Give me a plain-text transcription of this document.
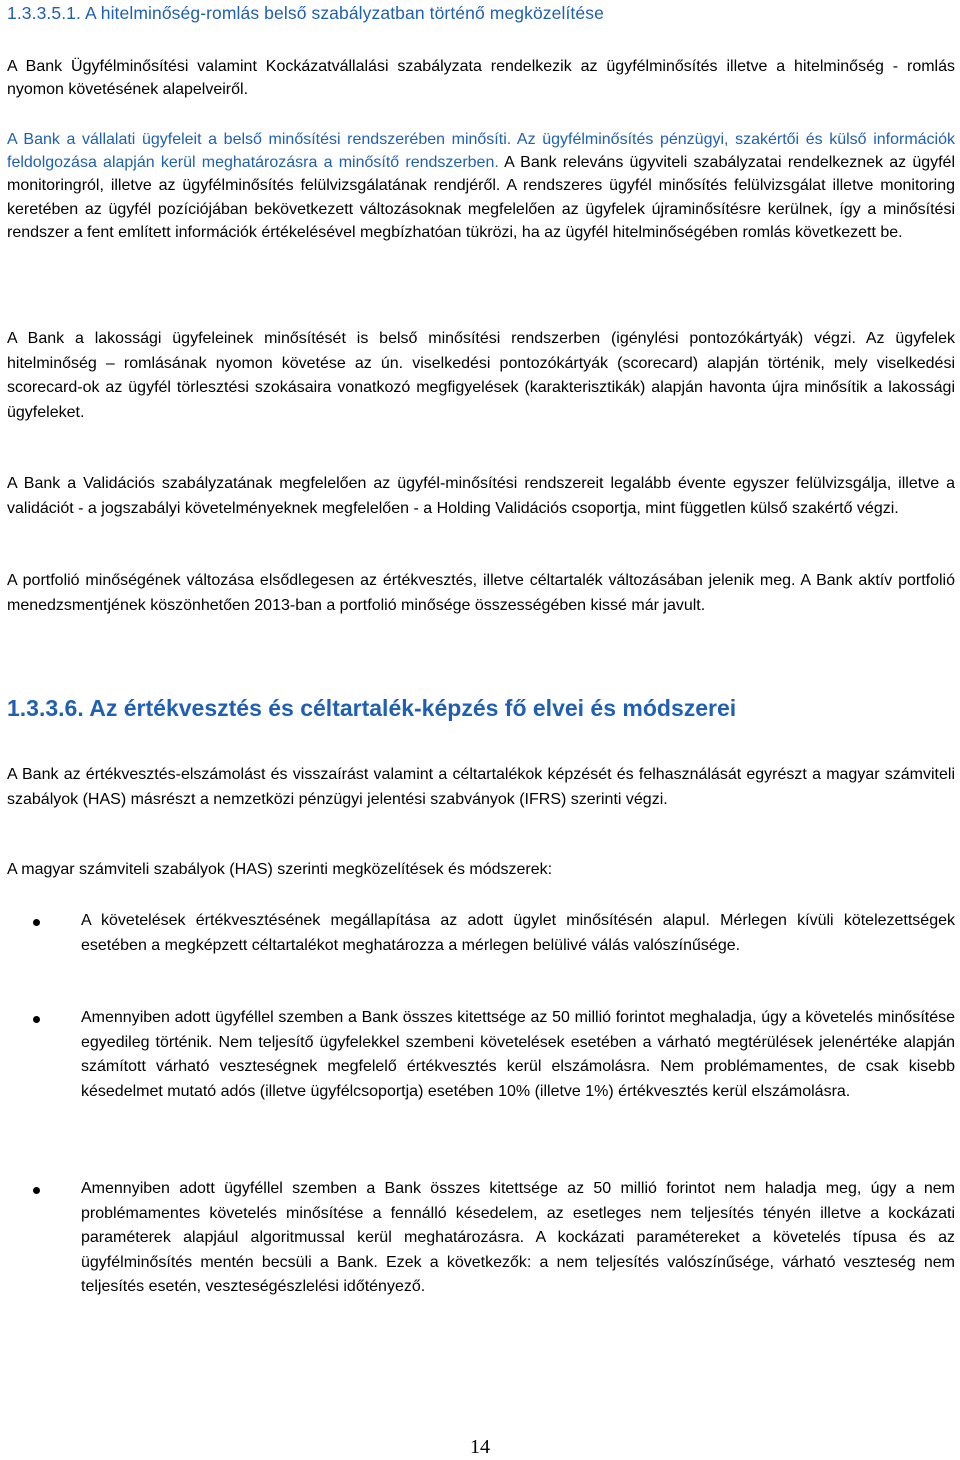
1.3.3.5.1. A hitelminőség-romlás belső szabályzatban történő megközelítése

A Bank Ügyfélminősítési valamint Kockázatvállalási szabályzata rendelkezik az ügyfélminősítés illetve a hitelminőség - romlás nyomon követésének alapelveiről.

A Bank a vállalati ügyfeleit a belső minősítési rendszerében minősíti. Az ügyfélminősítés pénzügyi, szakértői és külső információk feldolgozása alapján kerül meghatározásra a minősítő rendszerben. A Bank releváns ügyviteli szabályzatai rendelkeznek az ügyfél monitoringról, illetve az ügyfélminősítés felülvizsgálatának rendjéről. A rendszeres ügyfél minősítés felülvizsgálat illetve monitoring keretében az ügyfél pozíciójában bekövetkezett változásoknak megfelelően az ügyfelek újraminősítésre kerülnek, így a minősítési rendszer a fent említett információk értékelésével megbízhatóan tükrözi, ha az ügyfél hitelminőségében romlás következett be.

A Bank a lakossági ügyfeleinek minősítését is belső minősítési rendszerben (igénylési pontozókártyák) végzi. Az ügyfelek hitelminőség – romlásának nyomon követése az ún. viselkedési pontozókártyák (scorecard) alapján történik, mely viselkedési scorecard-ok az ügyfél törlesztési szokásaira vonatkozó megfigyelések (karakterisztikák) alapján havonta újra minősítik a lakossági ügyfeleket.

A Bank a Validációs szabályzatának megfelelően az ügyfél-minősítési rendszereit legalább évente egyszer felülvizsgálja, illetve a validációt - a jogszabályi követelményeknek megfelelően - a Holding Validációs csoportja, mint független külső szakértő végzi.

A portfolió minőségének változása elsődlegesen az értékvesztés, illetve céltartalék változásában jelenik meg. A Bank aktív portfolió menedzsmentjének köszönhetően 2013-ban a portfolió minősége összességében kissé már javult.

1.3.3.6. Az értékvesztés és céltartalék-képzés fő elvei és módszerei

A Bank az értékvesztés-elszámolást és visszaírást valamint a céltartalékok képzését és felhasználását egyrészt a magyar számviteli szabályok (HAS) másrészt a nemzetközi pénzügyi jelentési szabványok (IFRS) szerinti végzi.

A magyar számviteli szabályok (HAS) szerinti megközelítések és módszerek:

A követelések értékvesztésének megállapítása az adott ügylet minősítésén alapul. Mérlegen kívüli kötelezettségek esetében a megképzett céltartalékot meghatározza a mérlegen belülivé válás valószínűsége.
Amennyiben adott ügyféllel szemben a Bank összes kitettsége az 50 millió forintot meghaladja, úgy a követelés minősítése egyedileg történik. Nem teljesítő ügyfelekkel szembeni követelések esetében a várható megtérülések jelenértéke alapján számított várható veszteségnek megfelelő értékvesztés kerül elszámolásra. Nem problémamentes, de csak kisebb késedelmet mutató adós (illetve ügyfélcsoportja) esetében 10% (illetve 1%) értékvesztés kerül elszámolásra.
Amennyiben adott ügyféllel szemben a Bank összes kitettsége az 50 millió forintot nem haladja meg, úgy a nem problémamentes követelés minősítése a fennálló késedelem, az esetleges nem teljesítés tényén illetve a kockázati paraméterek alapjául algoritmussal kerül meghatározásra. A kockázati paramétereket a követelés típusa és az ügyfélminősítés mentén becsüli a Bank. Ezek a következők: a nem teljesítés valószínűsége, várható veszteség nem teljesítés esetén, veszteségészlelési időtényező.
14
